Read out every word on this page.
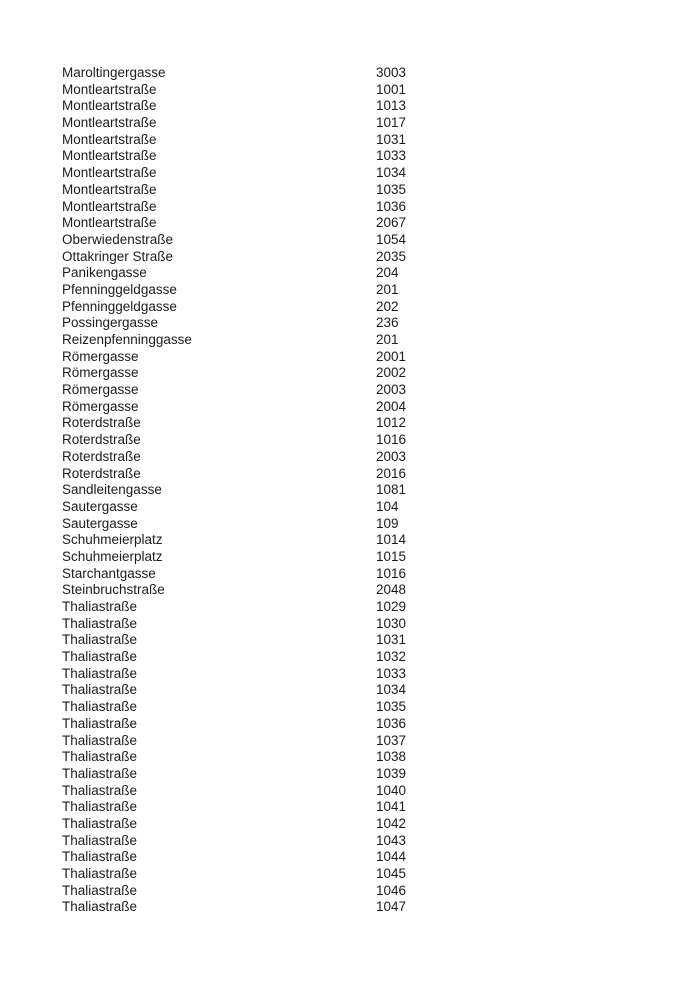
Maroltingergasse	3003
Montleartstraße	1001
Montleartstraße	1013
Montleartstraße	1017
Montleartstraße	1031
Montleartstraße	1033
Montleartstraße	1034
Montleartstraße	1035
Montleartstraße	1036
Montleartstraße	2067
Oberwiedenstraße	1054
Ottakringer Straße	2035
Panikengasse	204
Pfenninggeldgasse	201
Pfenninggeldgasse	202
Possingergasse	236
Reizenpfenninggasse	201
Römergasse	2001
Römergasse	2002
Römergasse	2003
Römergasse	2004
Roterdstraße	1012
Roterdstraße	1016
Roterdstraße	2003
Roterdstraße	2016
Sandleitengasse	1081
Sautergasse	104
Sautergasse	109
Schuhmeierplatz	1014
Schuhmeierplatz	1015
Starchantgasse	1016
Steinbruchstraße	2048
Thaliastraße	1029
Thaliastraße	1030
Thaliastraße	1031
Thaliastraße	1032
Thaliastraße	1033
Thaliastraße	1034
Thaliastraße	1035
Thaliastraße	1036
Thaliastraße	1037
Thaliastraße	1038
Thaliastraße	1039
Thaliastraße	1040
Thaliastraße	1041
Thaliastraße	1042
Thaliastraße	1043
Thaliastraße	1044
Thaliastraße	1045
Thaliastraße	1046
Thaliastraße	1047
